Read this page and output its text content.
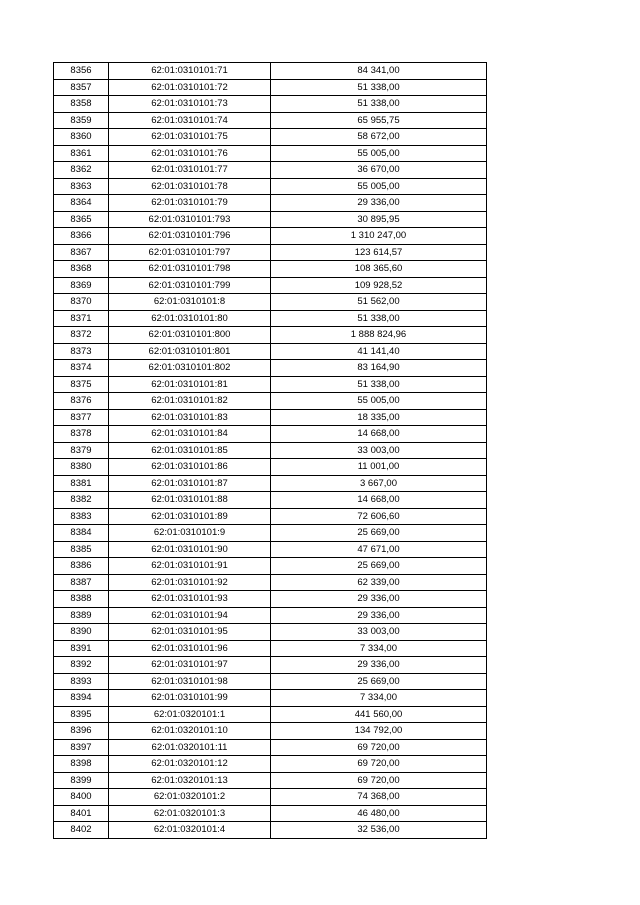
8356	62:01:0310101:71	84 341,00
8357	62:01:0310101:72	51 338,00
8358	62:01:0310101:73	51 338,00
8359	62:01:0310101:74	65 955,75
8360	62:01:0310101:75	58 672,00
8361	62:01:0310101:76	55 005,00
8362	62:01:0310101:77	36 670,00
8363	62:01:0310101:78	55 005,00
8364	62:01:0310101:79	29 336,00
8365	62:01:0310101:793	30 895,95
8366	62:01:0310101:796	1 310 247,00
8367	62:01:0310101:797	123 614,57
8368	62:01:0310101:798	108 365,60
8369	62:01:0310101:799	109 928,52
8370	62:01:0310101:8	51 562,00
8371	62:01:0310101:80	51 338,00
8372	62:01:0310101:800	1 888 824,96
8373	62:01:0310101:801	41 141,40
8374	62:01:0310101:802	83 164,90
8375	62:01:0310101:81	51 338,00
8376	62:01:0310101:82	55 005,00
8377	62:01:0310101:83	18 335,00
8378	62:01:0310101:84	14 668,00
8379	62:01:0310101:85	33 003,00
8380	62:01:0310101:86	11 001,00
8381	62:01:0310101:87	3 667,00
8382	62:01:0310101:88	14 668,00
8383	62:01:0310101:89	72 606,60
8384	62:01:0310101:9	25 669,00
8385	62:01:0310101:90	47 671,00
8386	62:01:0310101:91	25 669,00
8387	62:01:0310101:92	62 339,00
8388	62:01:0310101:93	29 336,00
8389	62:01:0310101:94	29 336,00
8390	62:01:0310101:95	33 003,00
8391	62:01:0310101:96	7 334,00
8392	62:01:0310101:97	29 336,00
8393	62:01:0310101:98	25 669,00
8394	62:01:0310101:99	7 334,00
8395	62:01:0320101:1	441 560,00
8396	62:01:0320101:10	134 792,00
8397	62:01:0320101:11	69 720,00
8398	62:01:0320101:12	69 720,00
8399	62:01:0320101:13	69 720,00
8400	62:01:0320101:2	74 368,00
8401	62:01:0320101:3	46 480,00
8402	62:01:0320101:4	32 536,00
